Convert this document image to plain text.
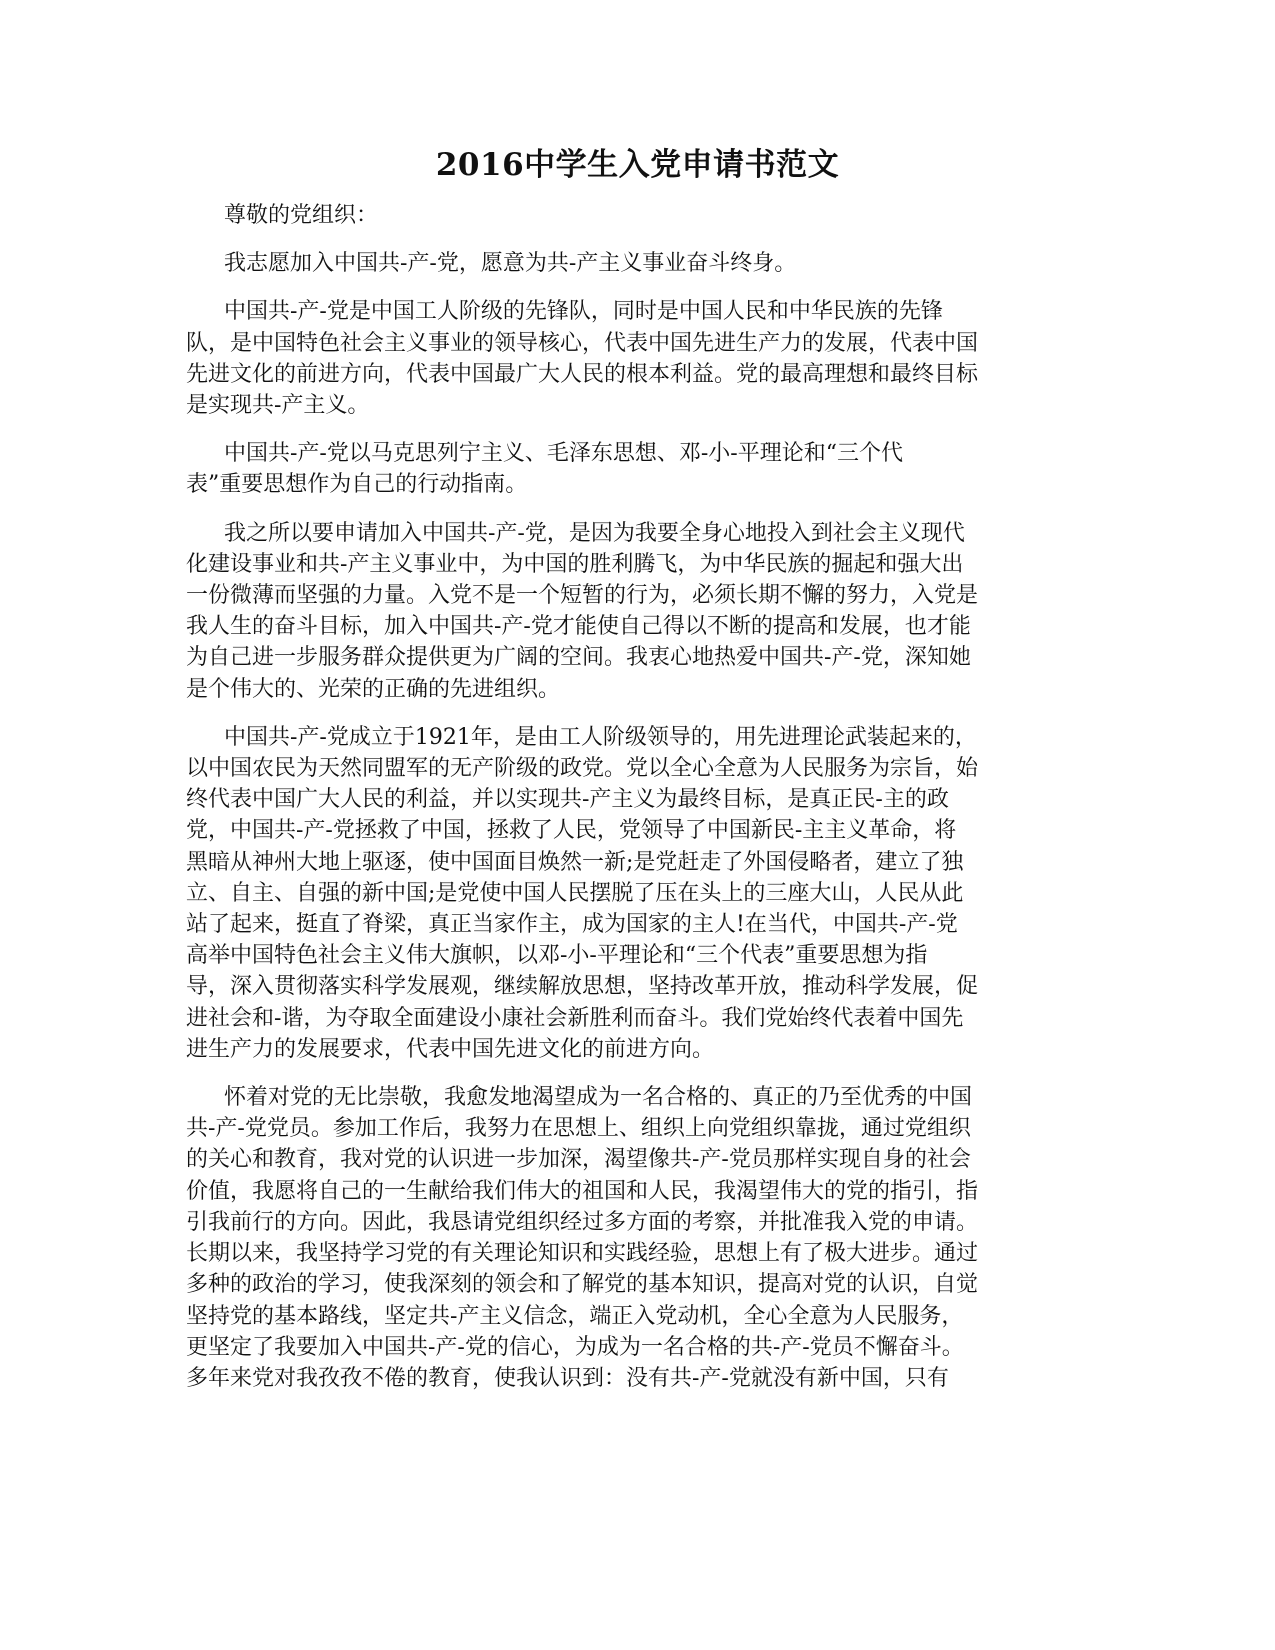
2016中学生入党申请书范文

尊敬的党组织：

我志愿加入中国共-产-党，愿意为共-产主义事业奋斗终身。

中国共-产-党是中国工人阶级的先锋队，同时是中国人民和中华民族的先锋
队，是中国特色社会主义事业的领导核心，代表中国先进生产力的发展，代表中国
先进文化的前进方向，代表中国最广大人民的根本利益。党的最高理想和最终目标
是实现共-产主义。

中国共-产-党以马克思列宁主义、毛泽东思想、邓-小-平理论和“三个代
表”重要思想作为自己的行动指南。

我之所以要申请加入中国共-产-党，是因为我要全身心地投入到社会主义现代
化建设事业和共-产主义事业中，为中国的胜利腾飞，为中华民族的掘起和强大出
一份微薄而坚强的力量。入党不是一个短暂的行为，必须长期不懈的努力，入党是
我人生的奋斗目标，加入中国共-产-党才能使自己得以不断的提高和发展，也才能
为自己进一步服务群众提供更为广阔的空间。我衷心地热爱中国共-产-党，深知她
是个伟大的、光荣的正确的先进组织。

中国共-产-党成立于1921年，是由工人阶级领导的，用先进理论武装起来的，
以中国农民为天然同盟军的无产阶级的政党。党以全心全意为人民服务为宗旨，始
终代表中国广大人民的利益，并以实现共-产主义为最终目标，是真正民-主的政
党，中国共-产-党拯救了中国，拯救了人民，党领导了中国新民-主主义革命，将
黑暗从神州大地上驱逐，使中国面目焕然一新;是党赶走了外国侵略者，建立了独
立、自主、自强的新中国;是党使中国人民摆脱了压在头上的三座大山，人民从此
站了起来，挺直了脊梁，真正当家作主，成为国家的主人!在当代，中国共-产-党
高举中国特色社会主义伟大旗帜，以邓-小-平理论和“三个代表”重要思想为指
导，深入贯彻落实科学发展观，继续解放思想，坚持改革开放，推动科学发展，促
进社会和-谐，为夺取全面建设小康社会新胜利而奋斗。我们党始终代表着中国先
进生产力的发展要求，代表中国先进文化的前进方向。

怀着对党的无比崇敬，我愈发地渴望成为一名合格的、真正的乃至优秀的中国
共-产-党党员。参加工作后，我努力在思想上、组织上向党组织靠拢，通过党组织
的关心和教育，我对党的认识进一步加深，渴望像共-产-党员那样实现自身的社会
价值，我愿将自己的一生献给我们伟大的祖国和人民，我渴望伟大的党的指引，指
引我前行的方向。因此，我恳请党组织经过多方面的考察，并批准我入党的申请。
长期以来，我坚持学习党的有关理论知识和实践经验，思想上有了极大进步。通过
多种的政治的学习，使我深刻的领会和了解党的基本知识，提高对党的认识，自觉
坚持党的基本路线，坚定共-产主义信念，端正入党动机，全心全意为人民服务，
更坚定了我要加入中国共-产-党的信心，为成为一名合格的共-产-党员不懈奋斗。
多年来党对我孜孜不倦的教育，使我认识到：没有共-产-党就没有新中国，只有
